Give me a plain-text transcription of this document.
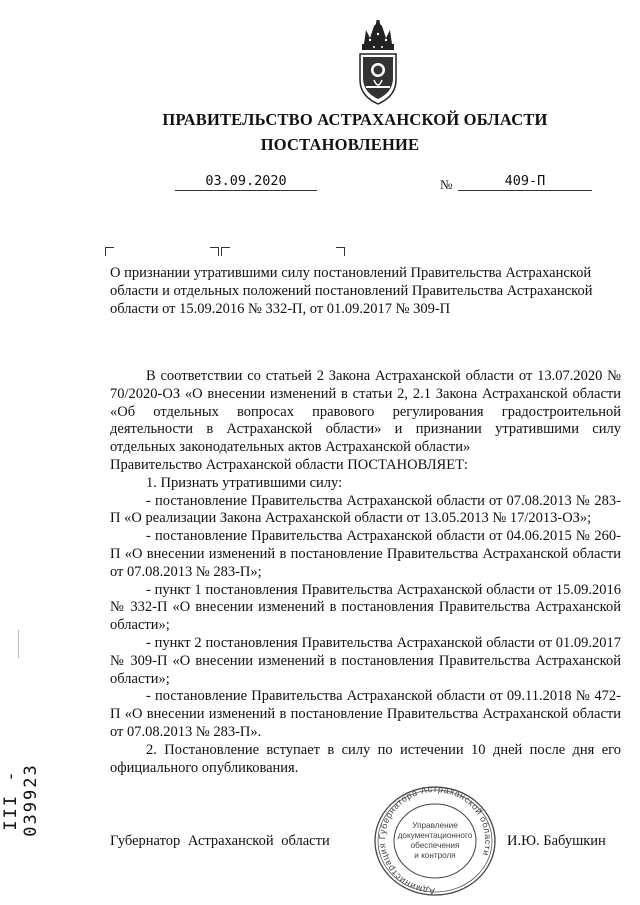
ПРАВИТЕЛЬСТВО АСТРАХАНСКОЙ ОБЛАСТИ
ПОСТАНОВЛЕНИЕ
03.09.2020	№	409-П
О признании утратившими силу постановлений Правительства Астраханской области и отдельных положений постановлений Правительства Астраханской области от 15.09.2016 № 332-П, от 01.09.2017 № 309-П

В соответствии со статьей 2 Закона Астраханской области от 13.07.2020 № 70/2020-ОЗ «О внесении изменений в статьи 2, 2.1 Закона Астраханской области «Об отдельных вопросах правового регулирования градостроительной деятельности в Астраханской области» и признании утратившими силу отдельных законодательных актов Астраханской области»

Правительство Астраханской области ПОСТАНОВЛЯЕТ:

1. Признать утратившими силу:

- постановление Правительства Астраханской области от 07.08.2013 № 283-П «О реализации Закона Астраханской области от 13.05.2013 № 17/2013-ОЗ»;

- постановление Правительства Астраханской области от 04.06.2015 № 260-П «О внесении изменений в постановление Правительства Астраханской области от 07.08.2013 № 283-П»;

- пункт 1 постановления Правительства Астраханской области от 15.09.2016 № 332-П «О внесении изменений в постановления Правительства Астраханской области»;

- пункт 2 постановления Правительства Астраханской области от 01.09.2017 № 309-П «О внесении изменений в постановления Правительства Астраханской области»;

- постановление Правительства Астраханской области от 09.11.2018 № 472-П «О внесении изменений в постановление Правительства Астраханской области от 07.08.2013 № 283-П».

2. Постановление вступает в силу по истечении 10 дней после дня его официального опубликования.

Губернатор Астраханской области	И.Ю. Бабушкин
Администрация Губернатора Астраханской области
Управление
документационного
обеспечения
и контроля
III - 039923
